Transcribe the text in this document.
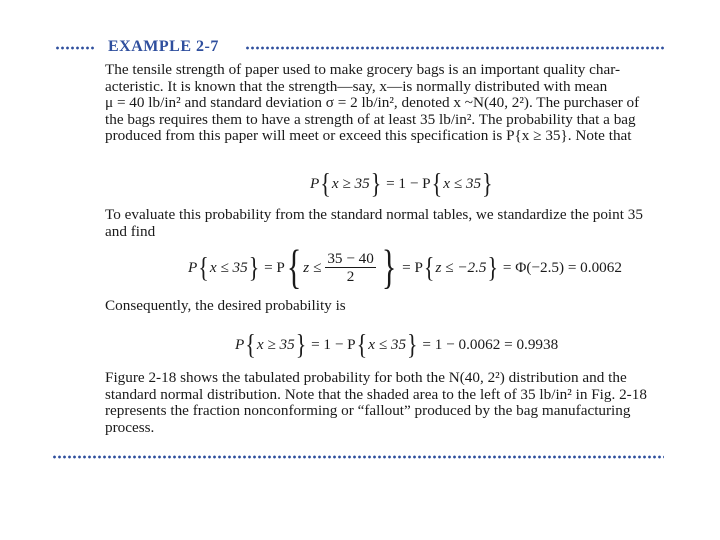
EXAMPLE 2-7
The tensile strength of paper used to make grocery bags is an important quality char-
acteristic. It is known that the strength—say, x—is normally distributed with mean
μ = 40 lb/in² and standard deviation σ = 2 lb/in², denoted x ~N(40, 2²). The purchaser of
the bags requires them to have a strength of at least 35 lb/in². The probability that a bag
produced from this paper will meet or exceed this specification is P{x ≥ 35}. Note that
P { x ≥ 35 }
= 1 − P { x ≤ 35 }
To evaluate this probability from the standard normal tables, we standardize the point 35
and find
P { x ≤ 35 }
= P { $z \le \frac{35 - 40}{2}$ }
= P { z ≤ −2.5 }
= Φ(−2.5) = 0.0062
Consequently, the desired probability is
P { x ≥ 35 }
= 1 − P { x ≤ 35 }
= 1 − 0.0062 = 0.9938
Figure 2-18 shows the tabulated probability for both the N(40, 2²) distribution and the
standard normal distribution. Note that the shaded area to the left of 35 lb/in² in Fig. 2-18
represents the fraction nonconforming or “fallout” produced by the bag manufacturing
process.
